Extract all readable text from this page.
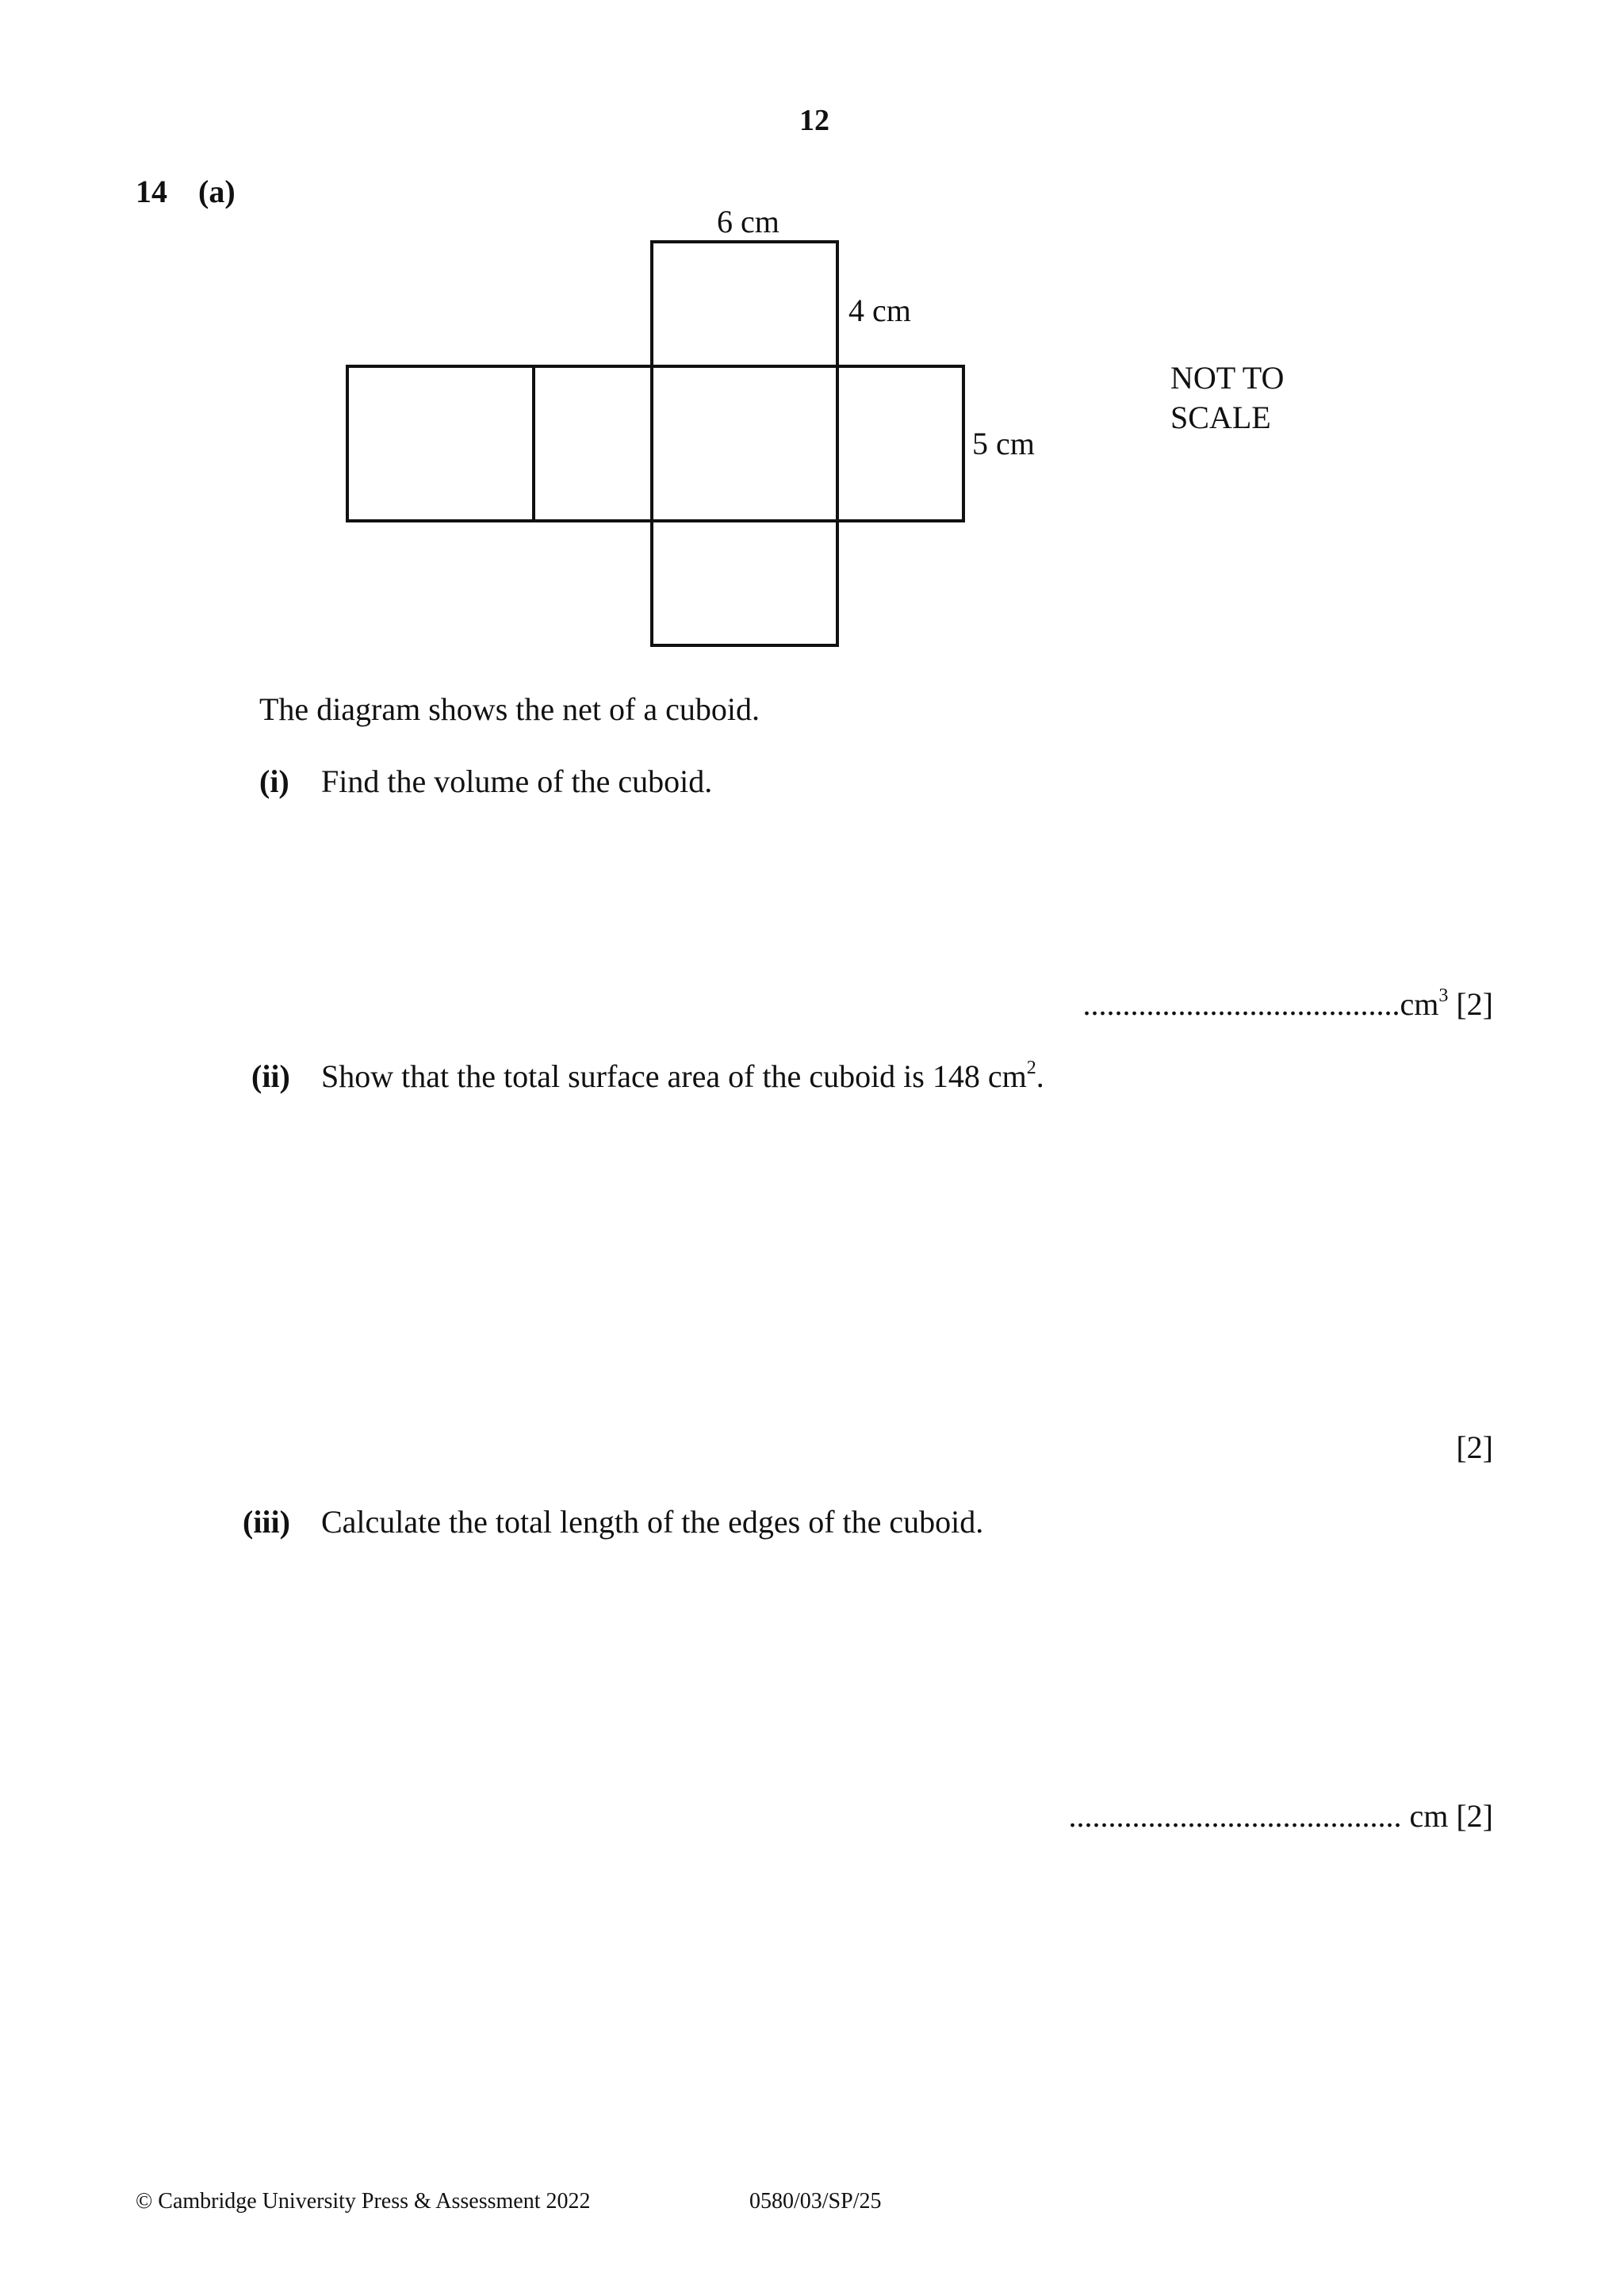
12
14 (a)
6 cm
4 cm
5 cm
NOT TO
SCALE
The diagram shows the net of a cuboid.
(i) Find the volume of the cuboid.
$........................................cm^3$ [2]
(ii) Show that the total surface area of the cuboid is 148 $cm^2$.
[2]
(iii) Calculate the total length of the edges of the cuboid.
.......................................... cm [2]
© Cambridge University Press & Assessment 2022	0580/03/SP/25
